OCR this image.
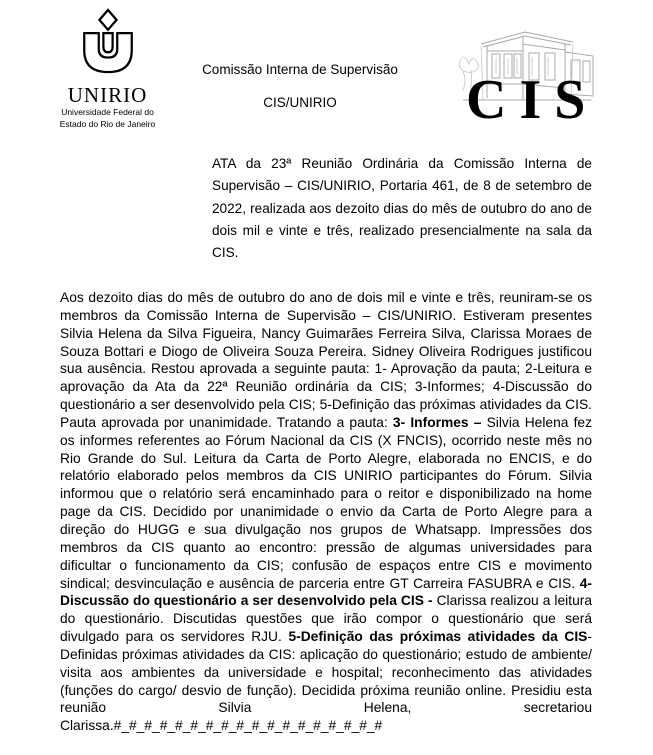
UNIRIO
Universidade Federal do
Estado do Rio de Janeiro
Comissão Interna de Supervisão
CIS/UNIRIO	CIS

ATA da 23ª Reunião Ordinária da Comissão Interna de Supervisão – CIS/UNIRIO, Portaria 461, de 8 de setembro de 2022, realizada aos dezoito dias do mês de outubro do ano de dois mil e vinte e três, realizado presencialmente na sala da CIS.

Aos dezoito dias do mês de outubro do ano de dois mil e vinte e três, reuniram-se os membros da Comissão Interna de Supervisão – CIS/UNIRIO. Estiveram presentes Silvia Helena da Silva Figueira, Nancy Guimarães Ferreira Silva, Clarissa Moraes de Souza Bottari e Diogo de Oliveira Souza Pereira. Sidney Oliveira Rodrigues justificou sua ausência. Restou aprovada a seguinte pauta: 1- Aprovação da pauta; 2-Leitura e aprovação da Ata da 22ª Reunião ordinária da CIS; 3-Informes; 4-Discussão do questionário a ser desenvolvido pela CIS; 5-Definição das próximas atividades da CIS. Pauta aprovada por unanimidade. Tratando a pauta: 3- Informes – Silvia Helena fez os informes referentes ao Fórum Nacional da CIS (X FNCIS), ocorrido neste mês no Rio Grande do Sul. Leitura da Carta de Porto Alegre, elaborada no ENCIS, e do relatório elaborado pelos membros da CIS UNIRIO participantes do Fórum. Silvia informou que o relatório será encaminhado para o reitor e disponibilizado na home page da CIS. Decidido por unanimidade o envio da Carta de Porto Alegre para a direção do HUGG e sua divulgação nos grupos de Whatsapp. Impressões dos membros da CIS quanto ao encontro: pressão de algumas universidades para dificultar o funcionamento da CIS; confusão de espaços entre CIS e movimento sindical; desvinculação e ausência de parceria entre GT Carreira FASUBRA e CIS. 4- Discussão do questionário a ser desenvolvido pela CIS - Clarissa realizou a leitura do questionário. Discutidas questões que irão compor o questionário que será divulgado para os servidores RJU. 5-Definição das próximas atividades da CIS- Definidas próximas atividades da CIS: aplicação do questionário; estudo de ambiente/ visita aos ambientes da universidade e hospital; reconhecimento das atividades (funções do cargo/ desvio de função). Decidida próxima reunião online. Presidiu esta reunião Silvia Helena, secretariou Clarissa.#_#_#_#_#_#_#_#_#_#_#_#_#_#_#_#_#_#
